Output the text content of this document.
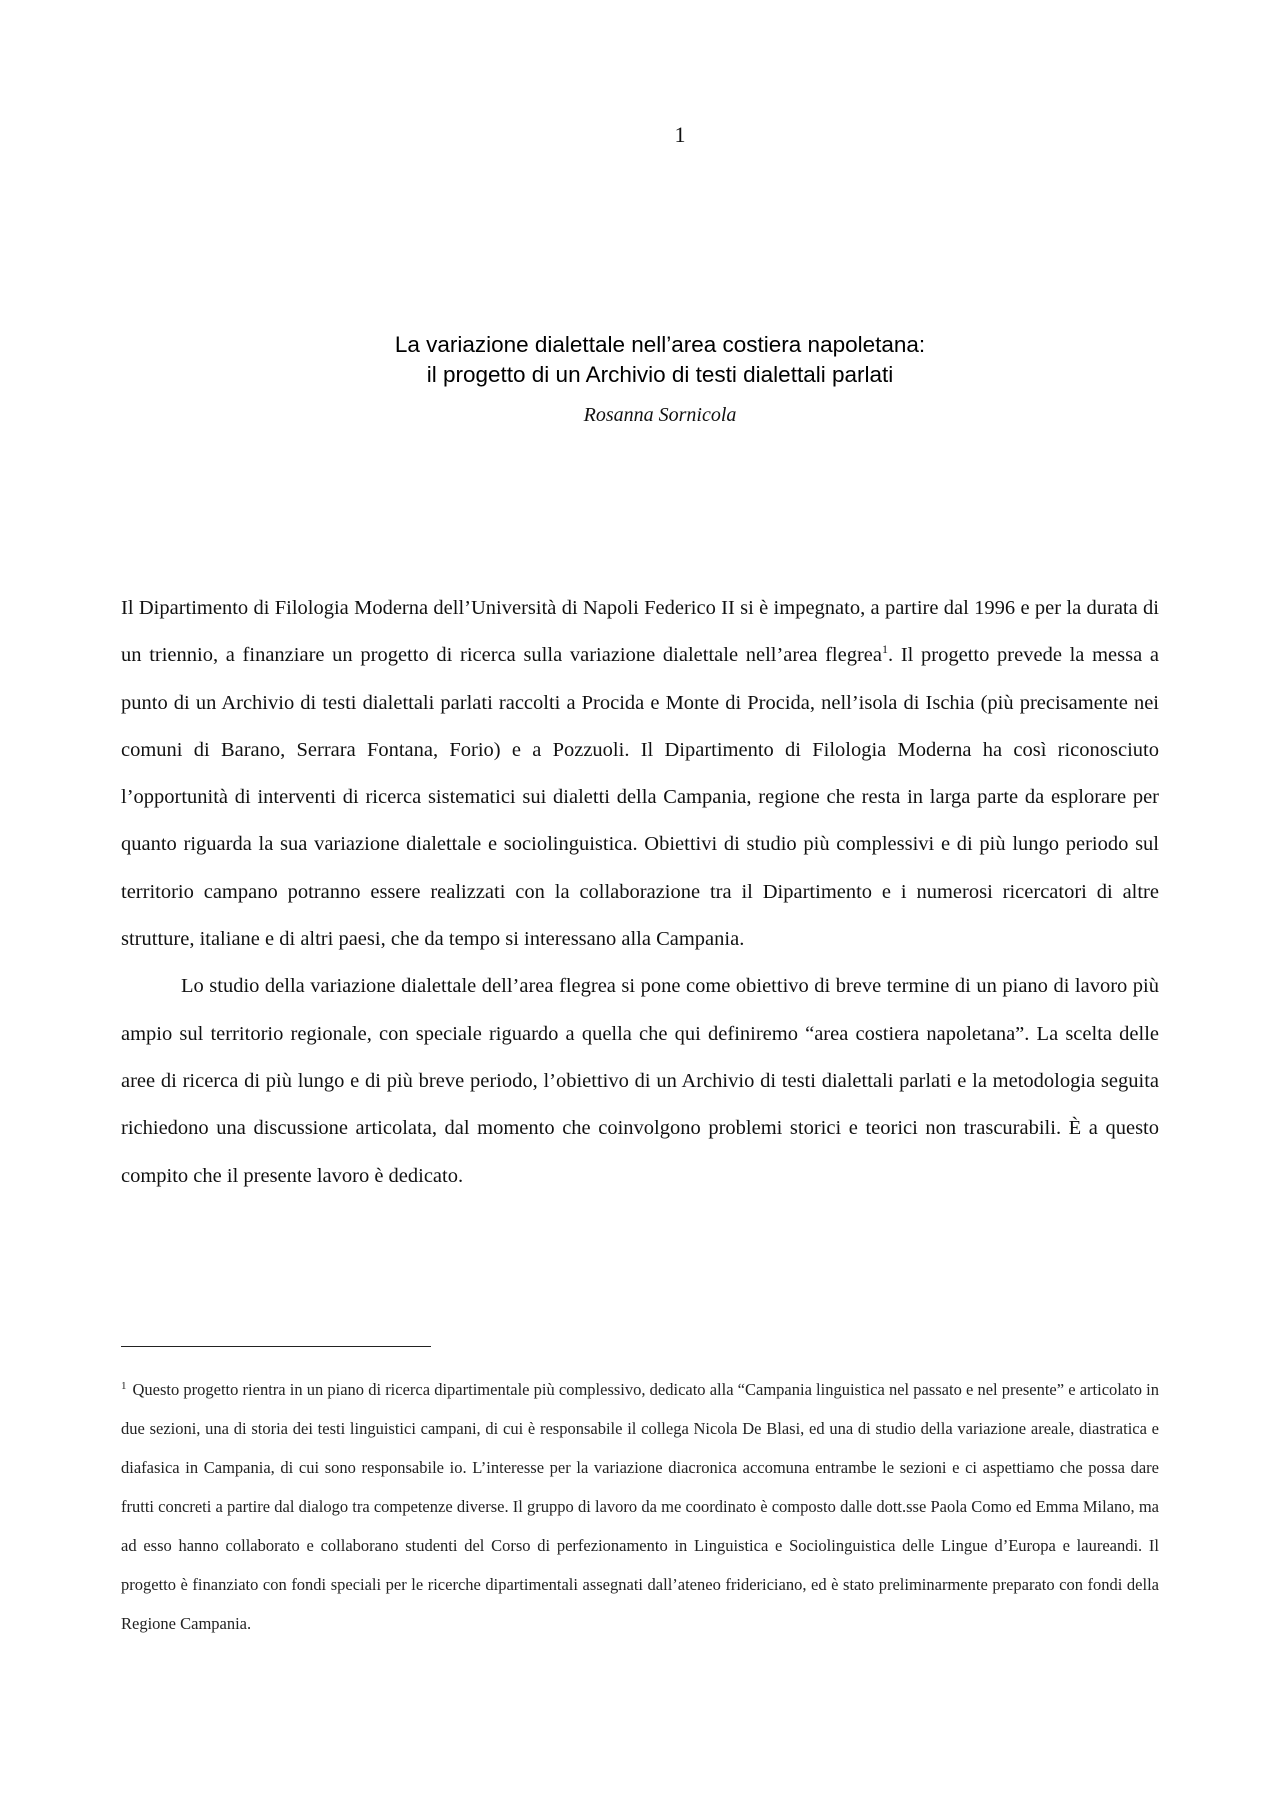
1
La variazione dialettale nell’area costiera napoletana:
il progetto di un Archivio di testi dialettali parlati
Rosanna Sornicola

Il Dipartimento di Filologia Moderna dell’Università di Napoli Federico II si è impegnato, a partire dal 1996 e per la durata di un triennio, a finanziare un progetto di ricerca sulla variazione dialettale nell’area flegrea$^1$. Il progetto prevede la messa a punto di un Archivio di testi dialettali parlati raccolti a Procida e Monte di Procida, nell’isola di Ischia (più precisamente nei comuni di Barano, Serrara Fontana, Forio) e a Pozzuoli. Il Dipartimento di Filologia Moderna ha così riconosciuto l’opportunità di interventi di ricerca sistematici sui dialetti della Campania, regione che resta in larga parte da esplorare per quanto riguarda la sua variazione dialettale e sociolinguistica. Obiettivi di studio più complessivi e di più lungo periodo sul territorio campano potranno essere realizzati con la collaborazione tra il Dipartimento e i numerosi ricercatori di altre strutture, italiane e di altri paesi, che da tempo si interessano alla Campania.

Lo studio della variazione dialettale dell’area flegrea si pone come obiettivo di breve termine di un piano di lavoro più ampio sul territorio regionale, con speciale riguardo a quella che qui definiremo “area costiera napoletana”. La scelta delle aree di ricerca di più lungo e di più breve periodo, l’obiettivo di un Archivio di testi dialettali parlati e la metodologia seguita richiedono una discussione articolata, dal momento che coinvolgono problemi storici e teorici non trascurabili. È a questo compito che il presente lavoro è dedicato.

$^1$ Questo progetto rientra in un piano di ricerca dipartimentale più complessivo, dedicato alla “Campania linguistica nel passato e nel presente” e articolato in due sezioni, una di storia dei testi linguistici campani, di cui è responsabile il collega Nicola De Blasi, ed una di studio della variazione areale, diastratica e diafasica in Campania, di cui sono responsabile io. L’interesse per la variazione diacronica accomuna entrambe le sezioni e ci aspettiamo che possa dare frutti concreti a partire dal dialogo tra competenze diverse. Il gruppo di lavoro da me coordinato è composto dalle dott.sse Paola Como ed Emma Milano, ma ad esso hanno collaborato e collaborano studenti del Corso di perfezionamento in Linguistica e Sociolinguistica delle Lingue d’Europa e laureandi. Il progetto è finanziato con fondi speciali per le ricerche dipartimentali assegnati dall’ateneo fridericiano, ed è stato preliminarmente preparato con fondi della Regione Campania.
